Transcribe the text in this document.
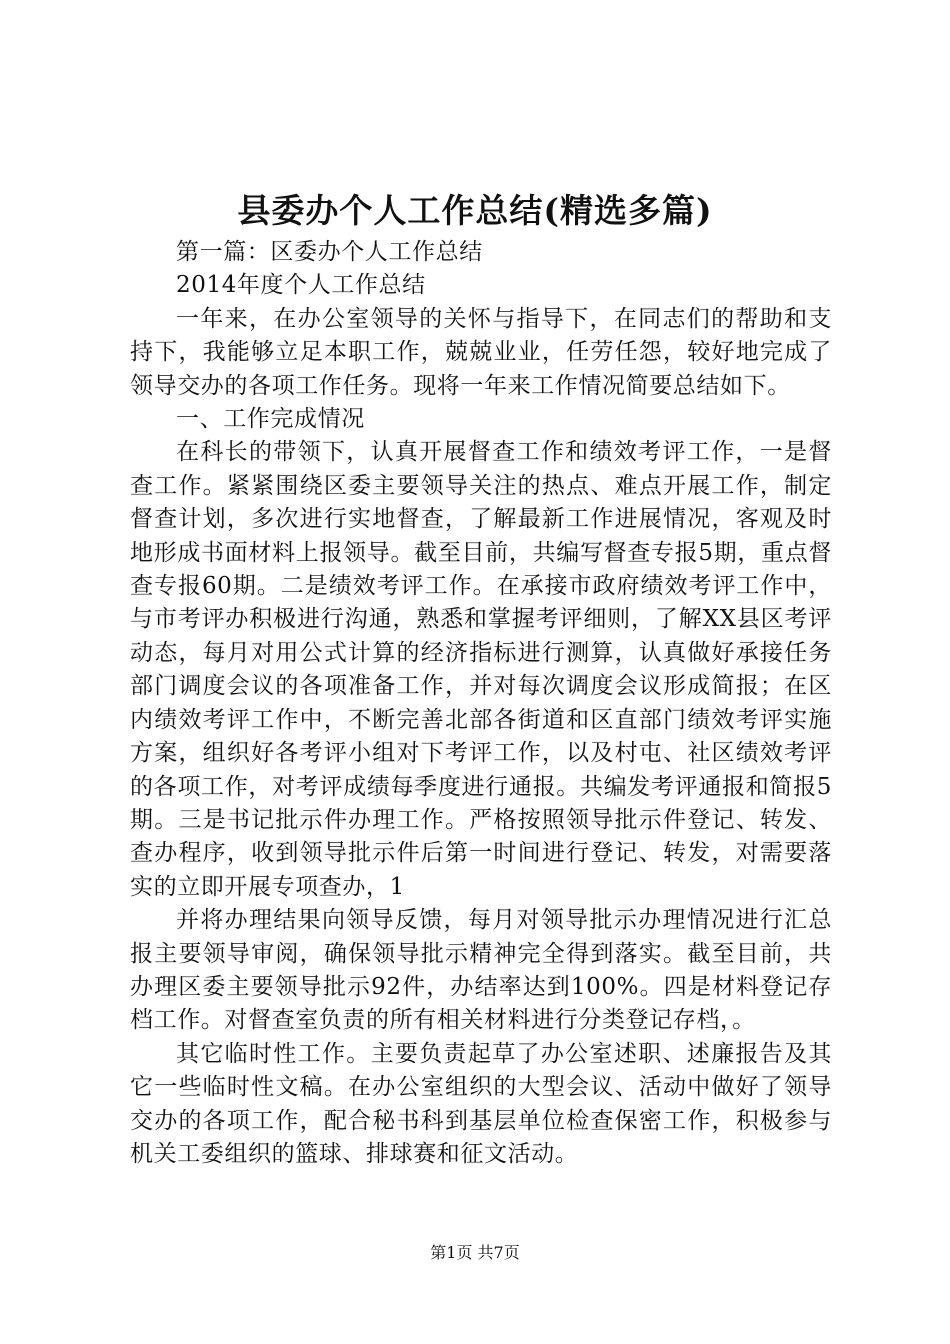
县委办个人工作总结(精选多篇)

第一篇：区委办个人工作总结

2014年度个人工作总结

一年来，在办公室领导的关怀与指导下，在同志们的帮助和支持下，我能够立足本职工作，兢兢业业，任劳任怨，较好地完成了领导交办的各项工作任务。现将一年来工作情况简要总结如下。

一、工作完成情况

在科长的带领下，认真开展督查工作和绩效考评工作，一是督查工作。紧紧围绕区委主要领导关注的热点、难点开展工作，制定督查计划，多次进行实地督查，了解最新工作进展情况，客观及时地形成书面材料上报领导。截至目前，共编写督查专报5期，重点督查专报60期。二是绩效考评工作。在承接市政府绩效考评工作中，与市考评办积极进行沟通，熟悉和掌握考评细则，了解XX县区考评动态，每月对用公式计算的经济指标进行测算，认真做好承接任务部门调度会议的各项准备工作，并对每次调度会议形成简报；在区内绩效考评工作中，不断完善北部各街道和区直部门绩效考评实施方案，组织好各考评小组对下考评工作，以及村屯、社区绩效考评的各项工作，对考评成绩每季度进行通报。共编发考评通报和简报5期。三是书记批示件办理工作。严格按照领导批示件登记、转发、查办程序，收到领导批示件后第一时间进行登记、转发，对需要落实的立即开展专项查办，1

并将办理结果向领导反馈，每月对领导批示办理情况进行汇总报主要领导审阅，确保领导批示精神完全得到落实。截至目前，共办理区委主要领导批示92件，办结率达到100%。四是材料登记存档工作。对督查室负责的所有相关材料进行分类登记存档，。

其它临时性工作。主要负责起草了办公室述职、述廉报告及其它一些临时性文稿。在办公室组织的大型会议、活动中做好了领导交办的各项工作，配合秘书科到基层单位检查保密工作，积极参与机关工委组织的篮球、排球赛和征文活动。

第1页 共7页
